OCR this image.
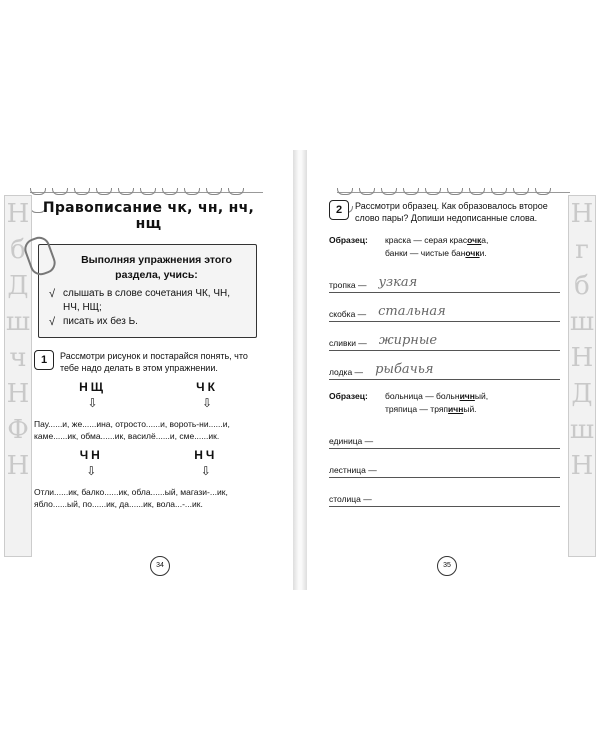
Н
б
Д
ш
ч
Н
Ф
Н
Правописание чк, чн, нч, нщ
Выполняя упражнения этого
раздела, учись:
√ слышать в слове сочетания ЧК, ЧН, НЧ, НЩ;
√ писать их без Ь.
1	Рассмотри рисунок и постарайся понять, что тебе надо делать в этом упражнении.
НЩ
⇩
ЧК
⇩
Пау......и, же......ина, отросто......и, вороть-ни......и, каме......ик, обма......ик, василё......и, сме......ик.
ЧН
⇩
НЧ
⇩
Отли......ик, балко......ик, обла......ый, магази-...ик, ябло......ый, по......ик, да......ик, вола...-...ик.
34
Н
г
б
ш
Н
Д
ш
Н
2	Рассмотри образец. Как образовалось второе слово пары? Допиши недописанные слова.
Образец:	краска — серая красочка,
банки — чистые баночки.
тропка — узкая
скобка — стальная
сливки — жирные
лодка — рыбачья
Образец:	больница — больничный,
тряпица — тряпичный.
единица —
лестница —
столица —
35
